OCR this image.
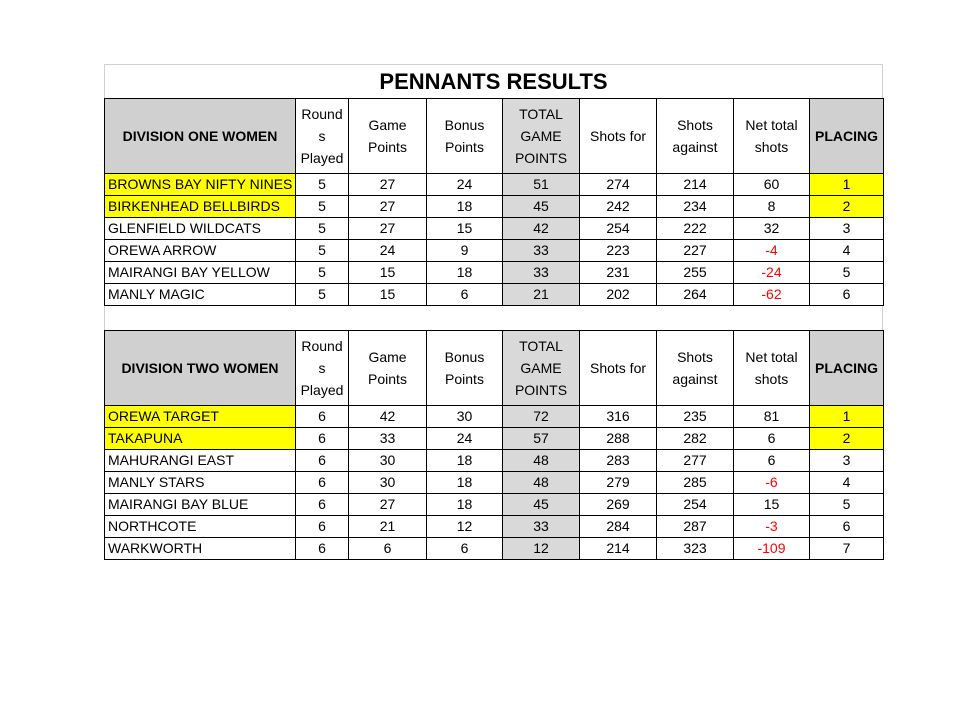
PENNANTS RESULTS
DIVISION ONE WOMEN	Round s Played	Game Points	Bonus Points	TOTAL GAME POINTS	Shots for	Shots against	Net total shots	PLACING
BROWNS BAY NIFTY NINES	5	27	24	51	274	214	60	1
BIRKENHEAD BELLBIRDS	5	27	18	45	242	234	8	2
GLENFIELD WILDCATS	5	27	15	42	254	222	32	3
OREWA ARROW	5	24	9	33	223	227	-4	4
MAIRANGI BAY YELLOW	5	15	18	33	231	255	-24	5
MANLY MAGIC	5	15	6	21	202	264	-62	6
DIVISION TWO WOMEN	Round s Played	Game Points	Bonus Points	TOTAL GAME POINTS	Shots for	Shots against	Net total shots	PLACING
OREWA TARGET	6	42	30	72	316	235	81	1
TAKAPUNA	6	33	24	57	288	282	6	2
MAHURANGI EAST	6	30	18	48	283	277	6	3
MANLY STARS	6	30	18	48	279	285	-6	4
MAIRANGI BAY BLUE	6	27	18	45	269	254	15	5
NORTHCOTE	6	21	12	33	284	287	-3	6
WARKWORTH	6	6	6	12	214	323	-109	7
